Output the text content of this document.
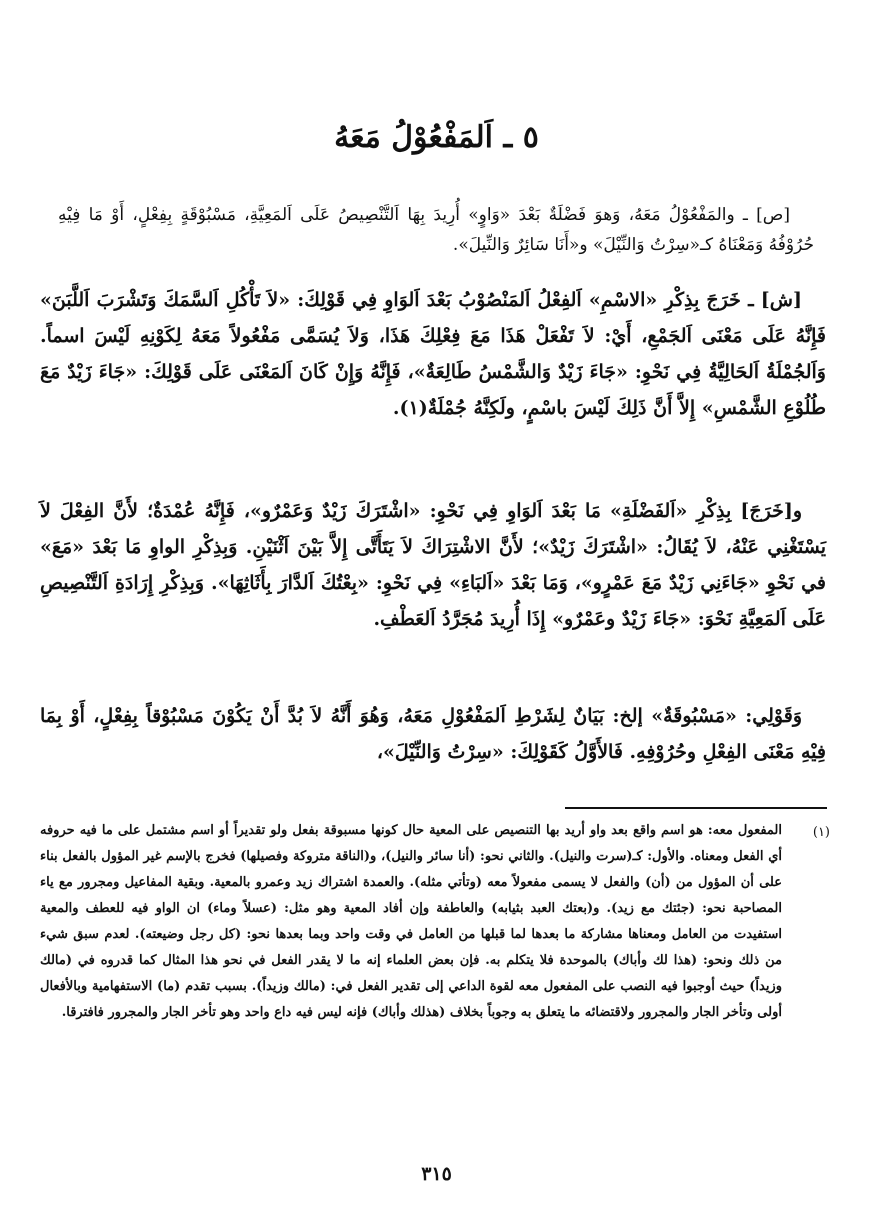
٥ ـ اَلمَفْعُوْلُ مَعَهُ

[ص] ـ والمَفْعُوْلُ مَعَهُ، وَهوَ فَضْلَةٌ بَعْدَ «وَاوٍ» أُرِيدَ بِهَا اَلتَّنْصِيصُ عَلَى اَلمَعِيَّةِ، مَسْبُوْقَةٍ بِفِعْلٍ، أَوْ مَا فِيْهِ حُرُوْفُهُ وَمَعْنَاهُ كـ«سِرْتُ وَالنِّيْلَ» و«أَنَا سَائِرٌ وَالنِّيلَ».

[ش] ـ خَرَجَ بِذِكْرِ «الاسْمِ» اَلفِعْلُ اَلمَنْصُوْبُ بَعْدَ اَلوَاوِ فِي قَوْلِكَ: «لاَ تَأْكُلِ اَلسَّمَكَ وَتَشْرَبَ اَللَّبَنَ» فَإِنَّهُ عَلَى مَعْنَى اَلجَمْعِ، أَيْ: لاَ تَفْعَلْ هَذَا مَعَ فِعْلِكَ هَذَا، وَلاَ يُسَمَّى مَفْعُولاً مَعَهُ لِكَوْنِهِ لَيْسَ اسماً. وَاَلجُمْلَةُ اَلحَالِيَّةُ فِي نَحْوِ: «جَاءَ زَيْدٌ وَالشَّمْسُ طَالِعَةٌ»، فَإِنَّهُ وَإِنْ كَانَ اَلمَعْنَى عَلَى قَوْلِكَ: «جَاءَ زَيْدٌ مَعَ طُلُوْعِ الشَّمْسِ» إِلاَّ أَنَّ ذَلِكَ لَيْسَ باسْمٍ، ولَكِنَّهُ جُمْلَةٌ(١).

و[خَرَجَ] بِذِكْرِ «اَلفَضْلَةِ» مَا بَعْدَ اَلوَاوِ فِي نَحْوِ: «اشْتَرَكَ زَيْدٌ وَعَمْرٌو»، فَإِنَّهُ عُمْدَةٌ؛ لأَنَّ الفِعْلَ لاَ يَسْتَغْنِي عَنْهُ، لاَ يُقَالُ: «اشْتَرَكَ زَيْدٌ»؛ لأَنَّ الاشْتِرَاكَ لاَ يَتَأَتَّى إِلاَّ بَيْنَ اَثْنَيْنِ. وَبِذِكْرِ الواوِ مَا بَعْدَ «مَعَ» في نَحْوِ «جَاءَنِي زَيْدٌ مَعَ عَمْرٍو»، وَمَا بَعْدَ «اَلبَاءِ» فِي نَحْوِ: «بِعْتُكَ اَلدَّارَ بِأَثَاثِهَا». وَبِذِكْرِ إِرَادَةِ اَلتَّنْصِيصِ عَلَى اَلمَعِيَّةِ نَحْوَ: «جَاءَ زَيْدٌ وعَمْرٌو» إِذَا أُرِيدَ مُجَرَّدُ اَلعَطْفِ.

وَقَوْلِي: «مَسْبُوقَةٌ» إلخ: بَيَانٌ لِشَرْطِ اَلمَفْعُوْلِ مَعَهُ، وَهُوَ أَنَّهُ لاَ بُدَّ أَنْ يَكُوْنَ مَسْبُوْقاً بِفِعْلٍ، أَوْ بِمَا فِيْهِ مَعْنَى الفِعْلِ وحُرُوْفِهِ. فَالأَوَّلُ كَقَوْلِكَ: «سِرْتُ وَالنِّيْلَ»،

(١)

المفعول معه: هو اسم واقع بعد واو أريد بها التنصيص على المعية حال كونها مسبوقة بفعل ولو تقديراً أو اسم مشتمل على ما فيه حروفه أي الفعل ومعناه. والأول: كـ(سرت والنيل). والثاني نحو: (أنا سائر والنيل)، و(الناقة متروكة وفصيلها) فخرج بالإسم غير المؤول بالفعل بناء على أن المؤول من (أن) والفعل لا يسمى مفعولاً معه (وتأتي مثله). والعمدة اشتراك زيد وعمرو بالمعية. وبقية المفاعيل ومجرور مع ياء المصاحبة نحو: (جئتك مع زيد). و(بعتك العبد بثيابه) والعاطفة وإن أفاد المعية وهو مثل: (عسلاً وماء) ان الواو فيه للعطف والمعية استفيدت من العامل ومعناها مشاركة ما بعدها لما قبلها من العامل في وقت واحد وبما بعدها نحو: (كل رجل وضيعته). لعدم سبق شيء من ذلك ونحو: (هذا لك وأباك) بالموحدة فلا يتكلم به. فإن بعض العلماء إنه ما لا يقدر الفعل في نحو هذا المثال كما قدروه في (مالك وزيداً) حيث أوجبوا فيه النصب على المفعول معه لقوة الداعي إلى تقدير الفعل في: (مالك وزيداً). بسبب تقدم (ما) الاستفهامية وبالأفعال أولى وتأخر الجار والمجرور ولاقتضائه ما يتعلق به وجوباً بخلاف (هذلك وأباك) فإنه ليس فيه داع واحد وهو تأخر الجار والمجرور فافترقا.

٣١٥
